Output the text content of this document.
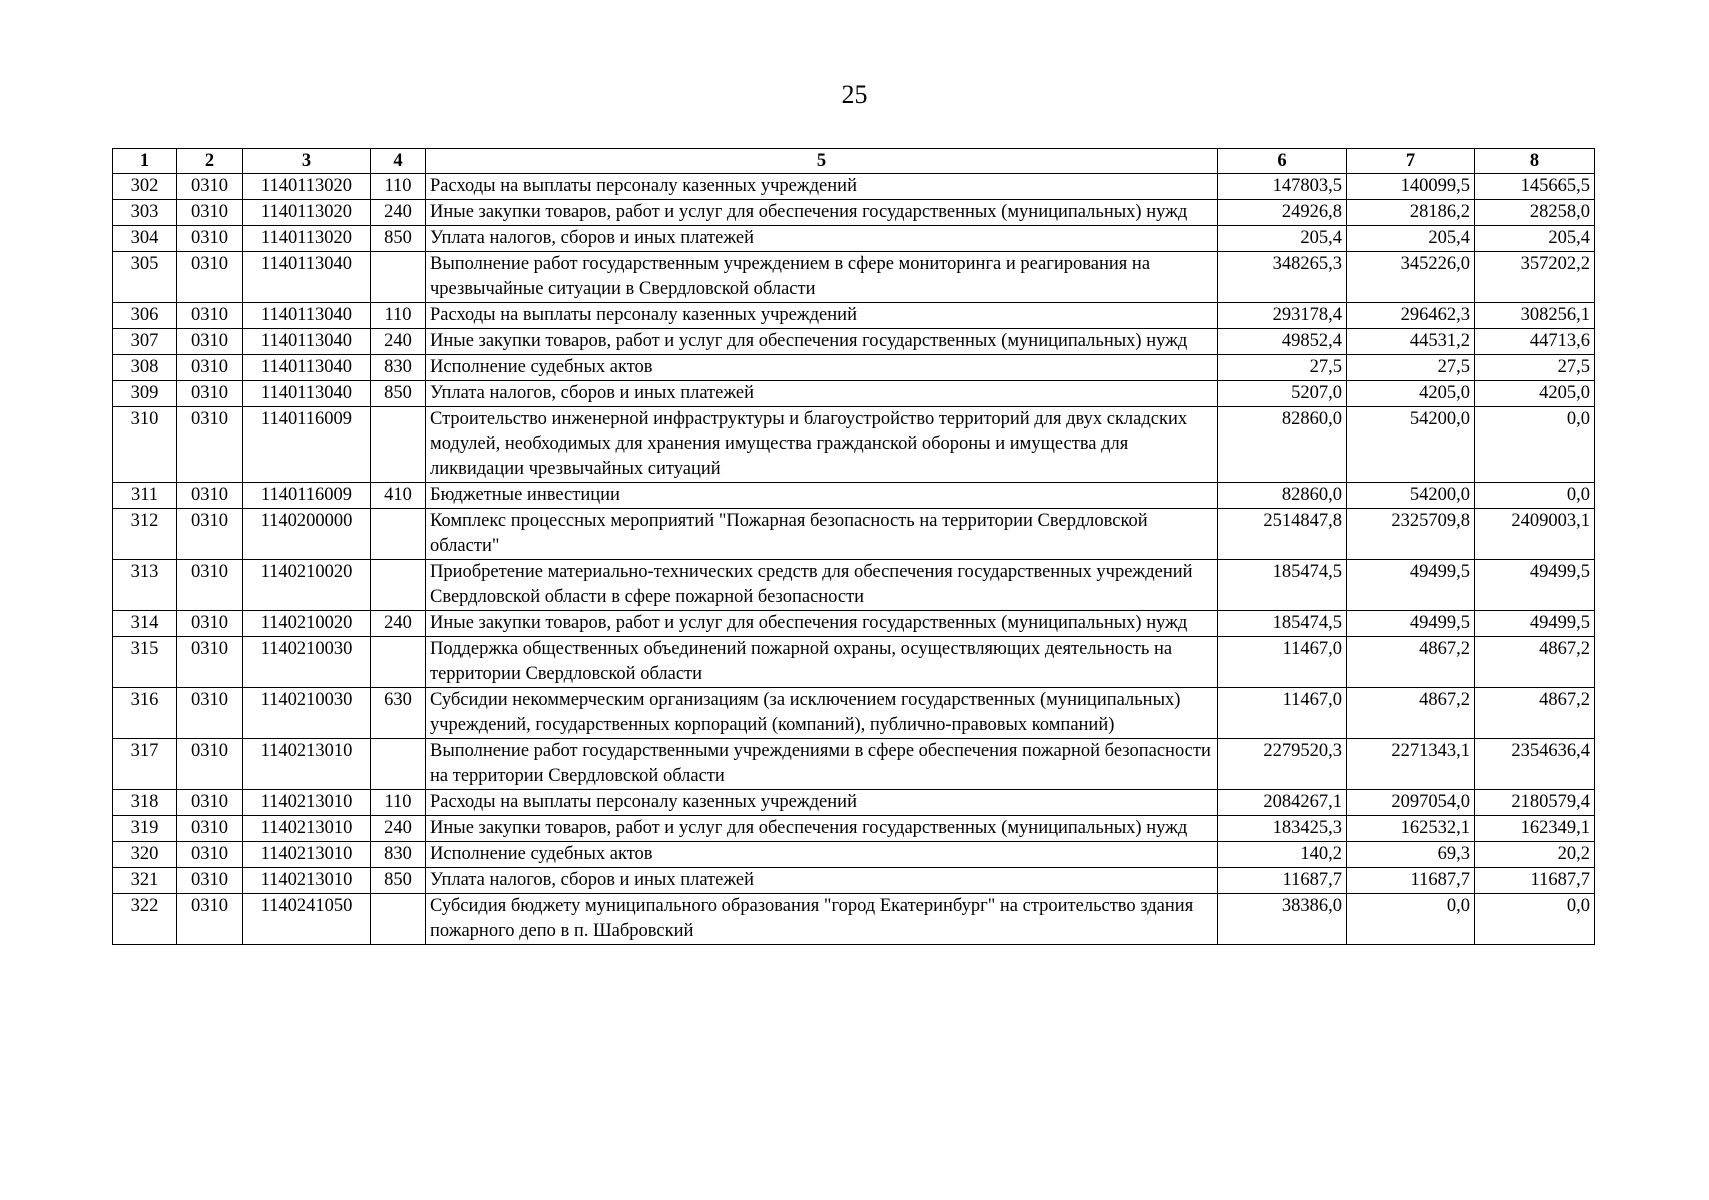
25
1	2	3	4	5	6	7	8
302	0310	1140113020	110	Расходы на выплаты персоналу казенных учреждений	147803,5	140099,5	145665,5
303	0310	1140113020	240	Иные закупки товаров, работ и услуг для обеспечения государственных (муниципальных) нужд	24926,8	28186,2	28258,0
304	0310	1140113020	850	Уплата налогов, сборов и иных платежей	205,4	205,4	205,4
305	0310	1140113040		Выполнение работ государственным учреждением в сфере мониторинга и реагирования на чрезвычайные ситуации в Свердловской области	348265,3	345226,0	357202,2
306	0310	1140113040	110	Расходы на выплаты персоналу казенных учреждений	293178,4	296462,3	308256,1
307	0310	1140113040	240	Иные закупки товаров, работ и услуг для обеспечения государственных (муниципальных) нужд	49852,4	44531,2	44713,6
308	0310	1140113040	830	Исполнение судебных актов	27,5	27,5	27,5
309	0310	1140113040	850	Уплата налогов, сборов и иных платежей	5207,0	4205,0	4205,0
310	0310	1140116009		Строительство инженерной инфраструктуры и благоустройство территорий для двух складских модулей, необходимых для хранения имущества гражданской обороны и имущества для ликвидации чрезвычайных ситуаций	82860,0	54200,0	0,0
311	0310	1140116009	410	Бюджетные инвестиции	82860,0	54200,0	0,0
312	0310	1140200000		Комплекс процессных мероприятий "Пожарная безопасность на территории Свердловской области"	2514847,8	2325709,8	2409003,1
313	0310	1140210020		Приобретение материально-технических средств для обеспечения государственных учреждений Свердловской области в сфере пожарной безопасности	185474,5	49499,5	49499,5
314	0310	1140210020	240	Иные закупки товаров, работ и услуг для обеспечения государственных (муниципальных) нужд	185474,5	49499,5	49499,5
315	0310	1140210030		Поддержка общественных объединений пожарной охраны, осуществляющих деятельность на территории Свердловской области	11467,0	4867,2	4867,2
316	0310	1140210030	630	Субсидии некоммерческим организациям (за исключением государственных (муниципальных) учреждений, государственных корпораций (компаний), публично-правовых компаний)	11467,0	4867,2	4867,2
317	0310	1140213010		Выполнение работ государственными учреждениями в сфере обеспечения пожарной безопасности на территории Свердловской области	2279520,3	2271343,1	2354636,4
318	0310	1140213010	110	Расходы на выплаты персоналу казенных учреждений	2084267,1	2097054,0	2180579,4
319	0310	1140213010	240	Иные закупки товаров, работ и услуг для обеспечения государственных (муниципальных) нужд	183425,3	162532,1	162349,1
320	0310	1140213010	830	Исполнение судебных актов	140,2	69,3	20,2
321	0310	1140213010	850	Уплата налогов, сборов и иных платежей	11687,7	11687,7	11687,7
322	0310	1140241050		Субсидия бюджету муниципального образования "город Екатеринбург" на строительство здания пожарного депо в п. Шабровский	38386,0	0,0	0,0
